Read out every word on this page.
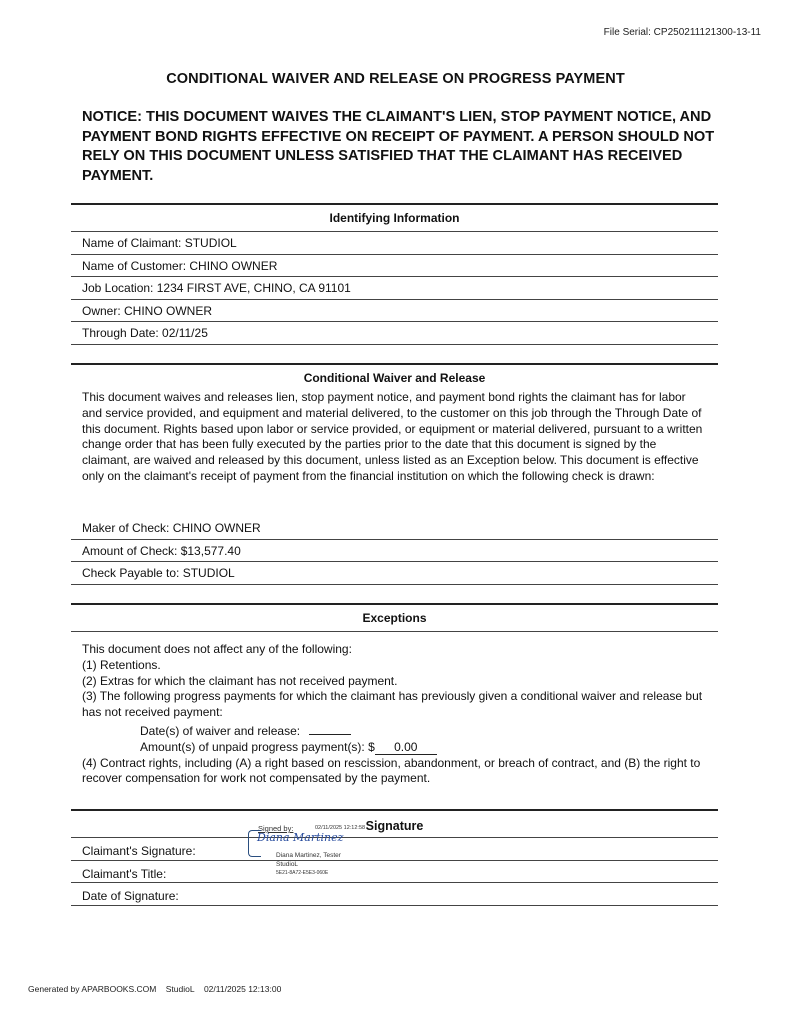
File Serial: CP250211121300-13-11
CONDITIONAL WAIVER AND RELEASE ON PROGRESS PAYMENT
NOTICE: THIS DOCUMENT WAIVES THE CLAIMANT'S LIEN, STOP PAYMENT NOTICE, AND PAYMENT BOND RIGHTS EFFECTIVE ON RECEIPT OF PAYMENT. A PERSON SHOULD NOT RELY ON THIS DOCUMENT UNLESS SATISFIED THAT THE CLAIMANT HAS RECEIVED PAYMENT.
Identifying Information
Name of Claimant: STUDIOL
Name of Customer: CHINO OWNER
Job Location: 1234 FIRST AVE, CHINO, CA 91101
Owner: CHINO OWNER
Through Date: 02/11/25
Conditional Waiver and Release
This document waives and releases lien, stop payment notice, and payment bond rights the claimant has for labor and service provided, and equipment and material delivered, to the customer on this job through the Through Date of this document. Rights based upon labor or service provided, or equipment or material delivered, pursuant to a written change order that has been fully executed by the parties prior to the date that this document is signed by the claimant, are waived and released by this document, unless listed as an Exception below. This document is effective only on the claimant's receipt of payment from the financial institution on which the following check is drawn:
Maker of Check: CHINO OWNER
Amount of Check: $13,577.40
Check Payable to: STUDIOL
Exceptions
This document does not affect any of the following:
(1) Retentions.
(2) Extras for which the claimant has not received payment.
(3) The following progress payments for which the claimant has previously given a conditional waiver and release but has not received payment:
Date(s) of waiver and release:
Amount(s) of unpaid progress payment(s): $ 0.00
(4) Contract rights, including (A) a right based on rescission, abandonment, or breach of contract, and (B) the right to recover compensation for work not compensated by the payment.
Signature
Claimant's Signature:
Claimant's Title:
Date of Signature:
Signed by:	02/11/2025 12:12:58
Diana Martinez
Diana Martinez, Tester
StudioL
5E21-8A72-E5E3-060E
Generated by APARBOOKS.COM StudioL 02/11/2025 12:13:00
